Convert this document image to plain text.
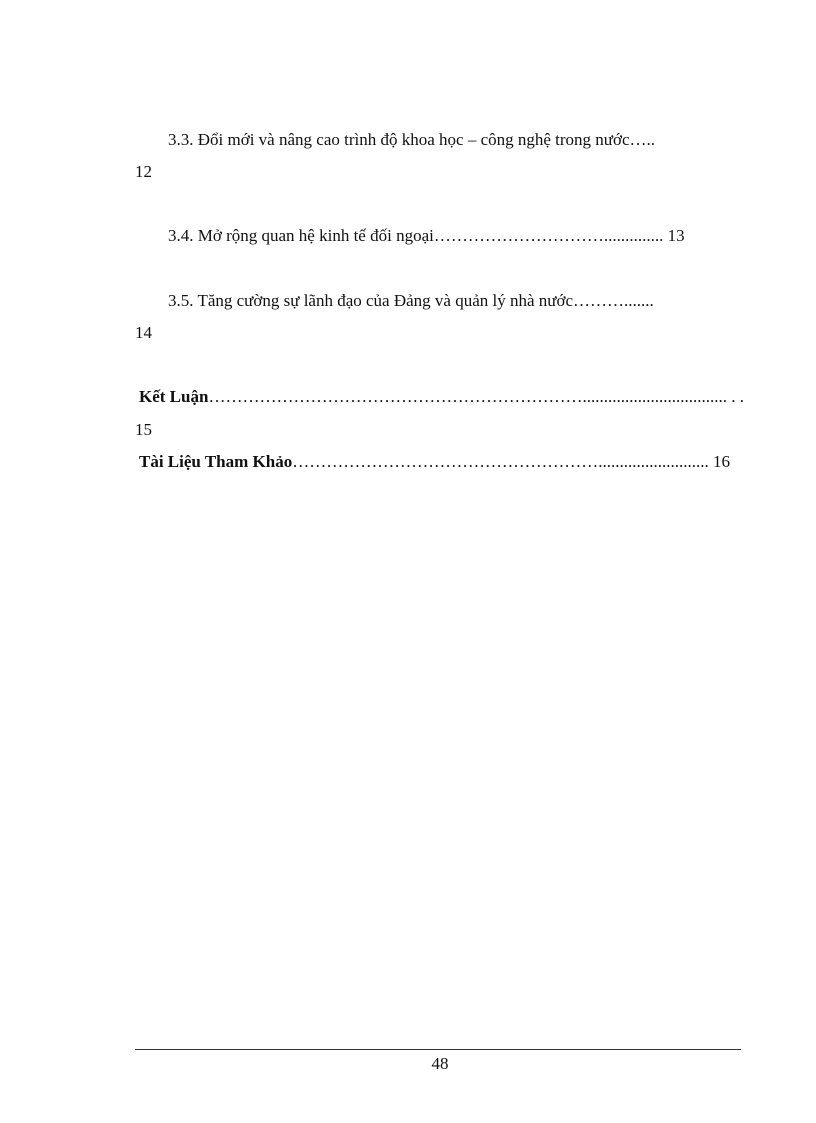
3.3. Đổi mới và nâng cao trình độ khoa học – công nghệ trong nước…..
12
3.4. Mở rộng quan hệ kinh tế đối ngoại………………………….............. 13
3.5. Tăng cường sự lãnh đạo của Đảng và quản lý nhà nước……….......
14
Kết Luận………………………………………………………….................................. . .
15
Tài Liệu Tham Khảo……………………………………………….......................... 16
48
